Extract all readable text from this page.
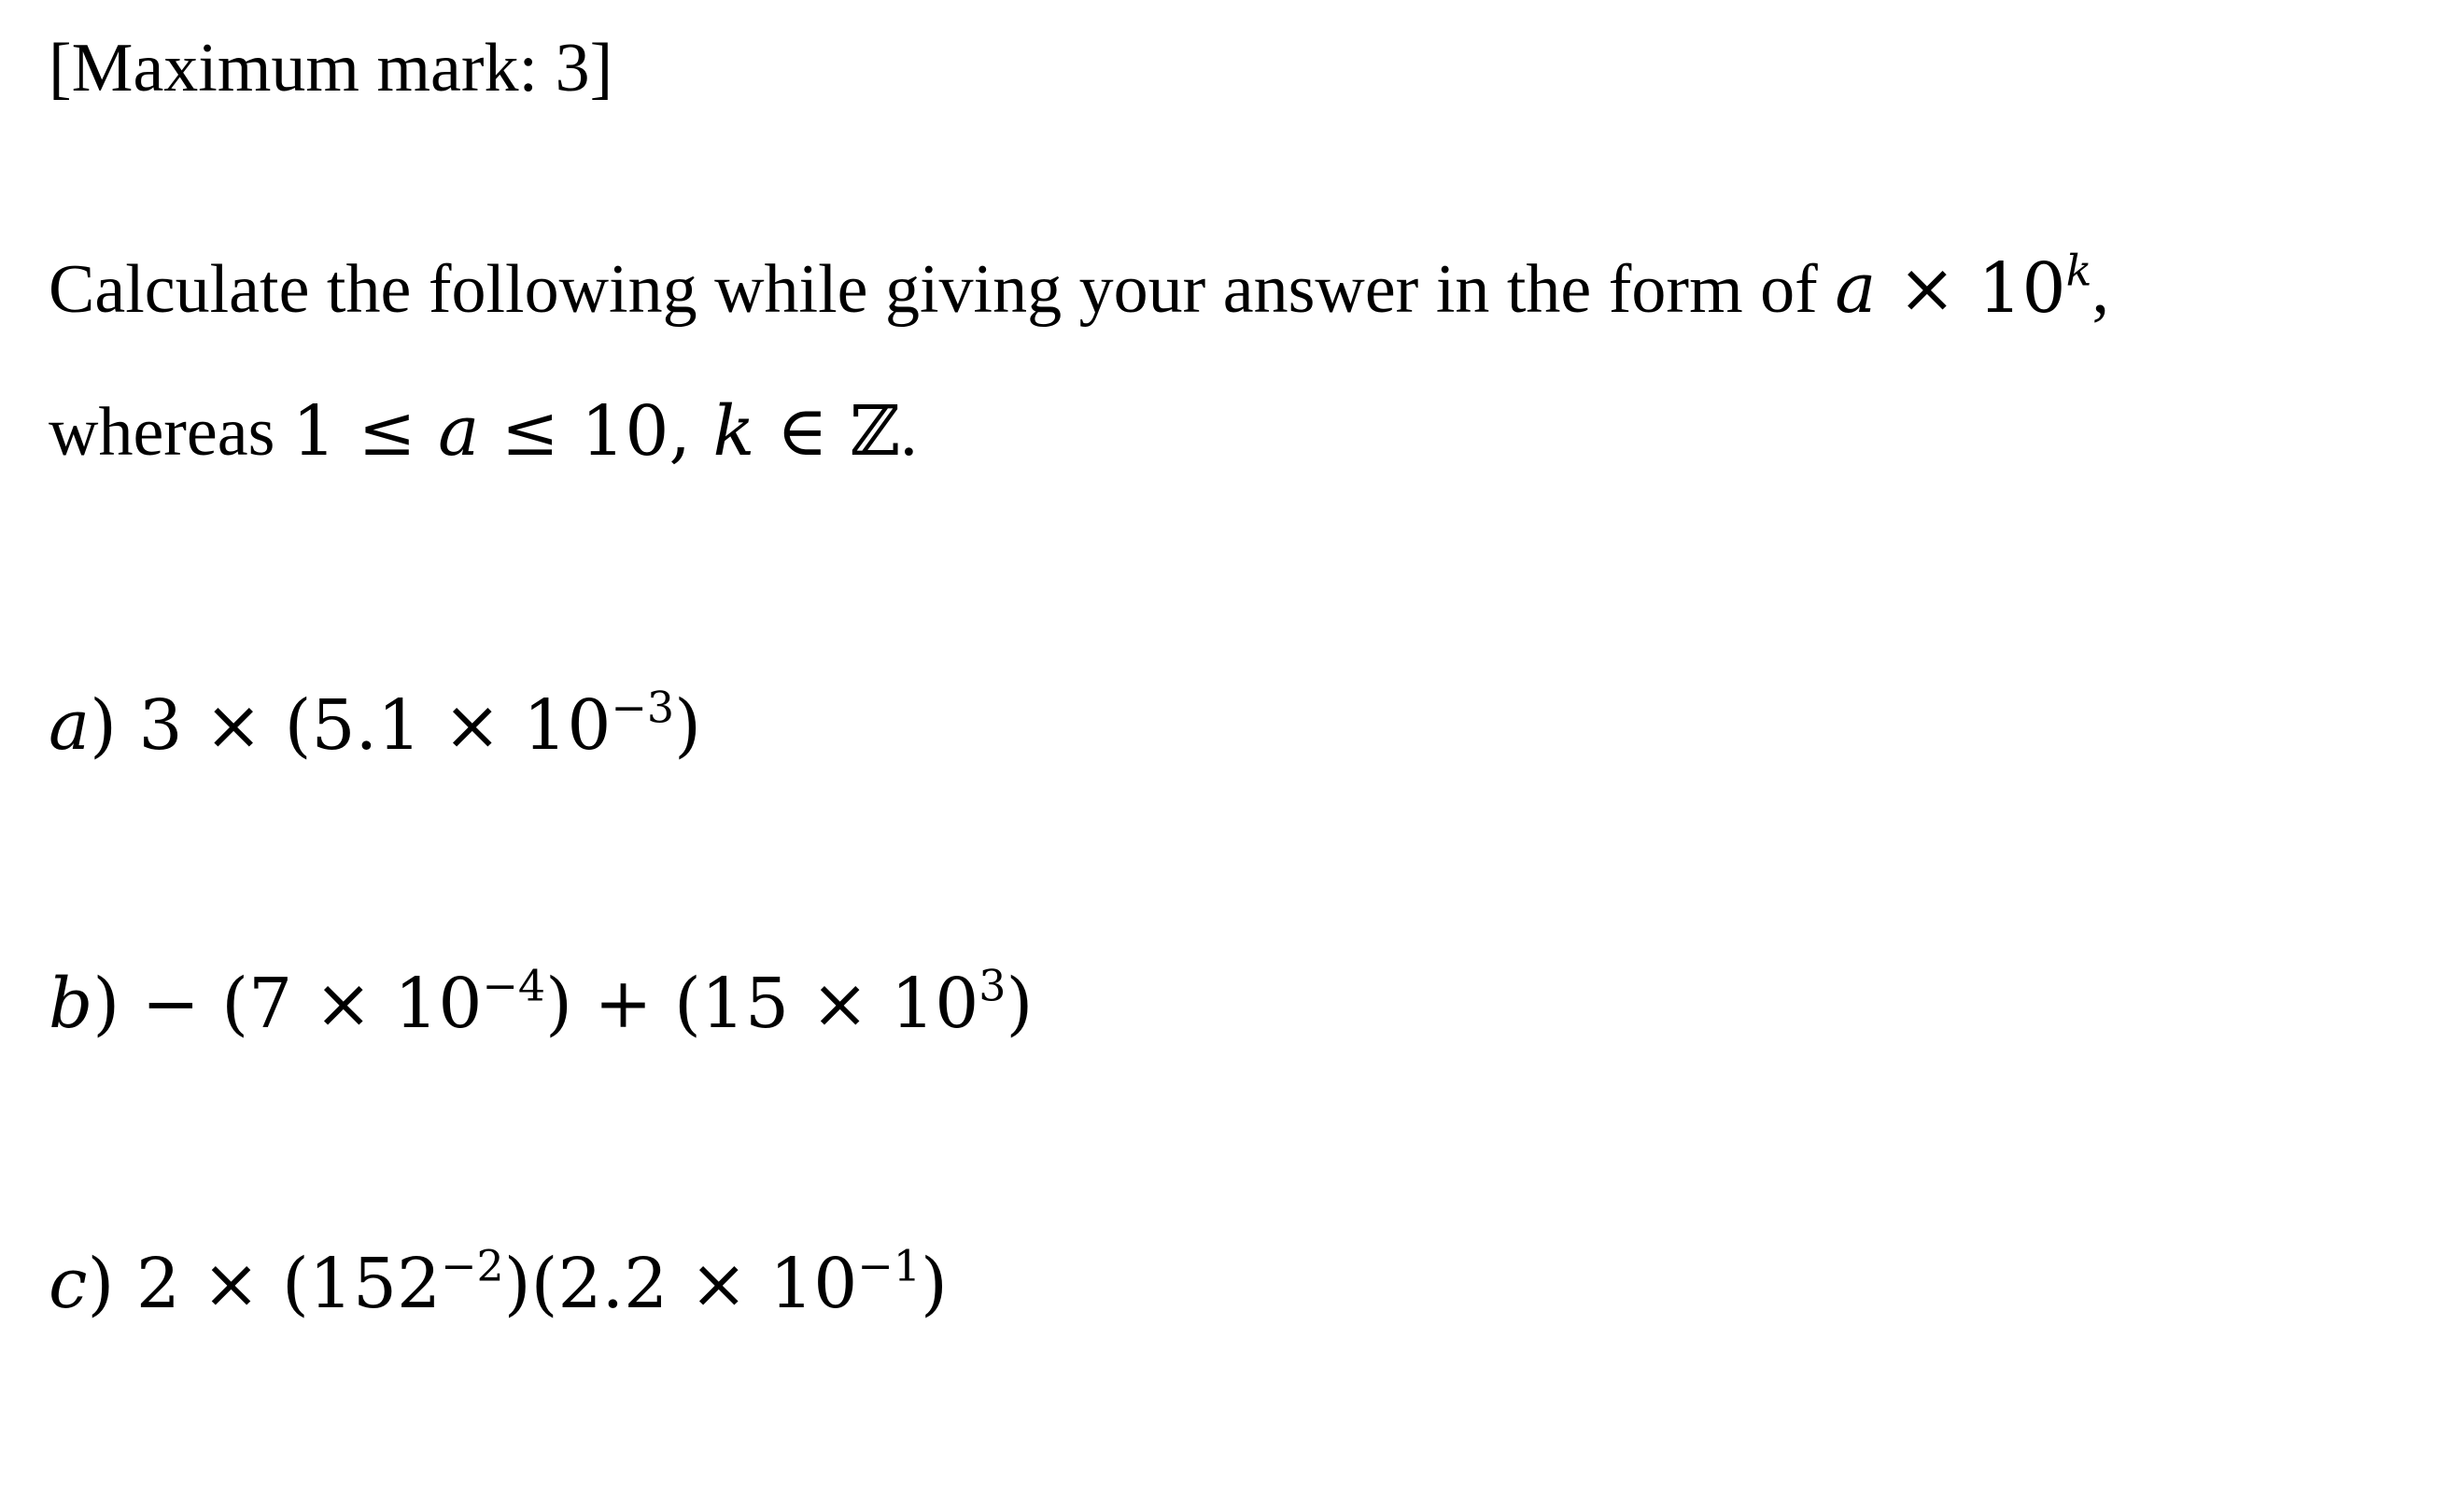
[Maximum mark: 3]
Calculate the following while giving your answer in the form of $a \times 10^k$,
whereas 1 ≤ a ≤ 10, k ∈ ℤ.
a) $3 \times (5.1 \times 10^{-3})$
$b) - (7 \times 10^{-4}) + (15 \times 10^3)$
c) $2 \times (152^{-2})(2.2 \times 10^{-1})$
